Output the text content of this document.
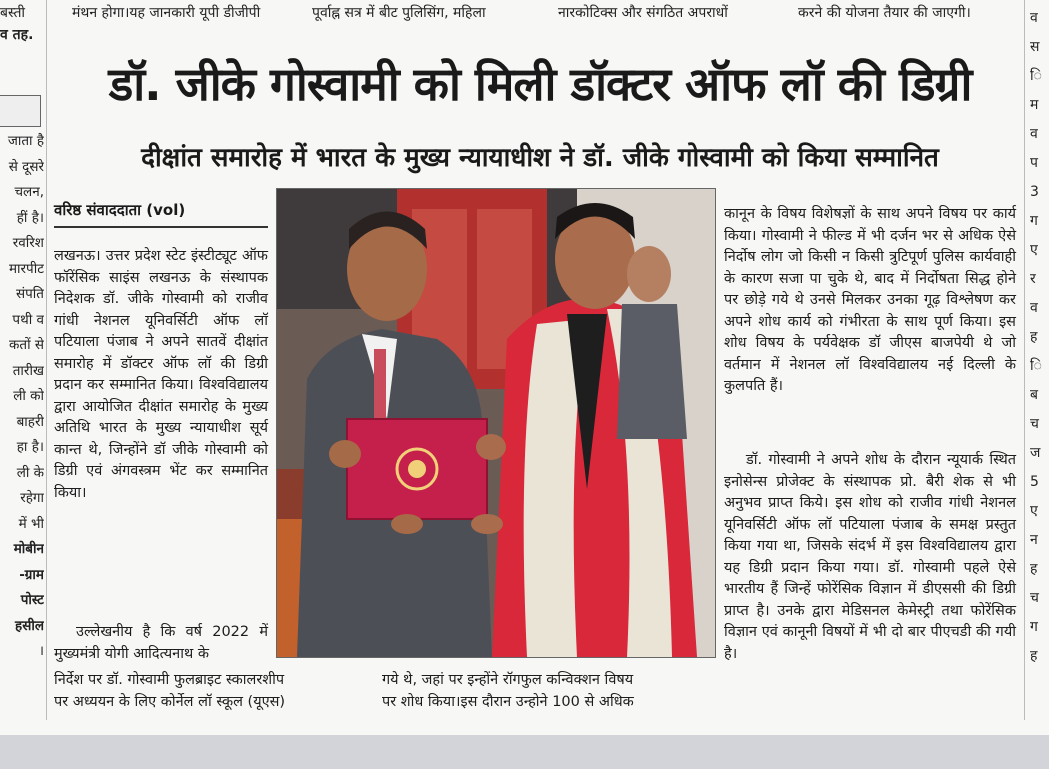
बस्ती
व तह.
मंथन होगा।यह जानकारी यूपी डीजीपी	पूर्वाह्न सत्र में बीट पुलिसिंग, महिला	नारकोटिक्स और संगठित अपराधों	करने की योजना तैयार की जाएगी।
जाता है
से दूसरे
चलन,
हीं है।
रवरिश
मारपीट
संपति
पथी व
कतों से
तारीख
ली को
बाहरी
हा है।
ली के
रहेगा
में भी
मोबीन
-ग्राम
पोस्ट
हसील
।
व
स
ि
म
व
प
3
ग
ए
र
व
ह
ि
ब
च
ज
5
ए
न
ह
च
ग
ह
डॉ. जीके गोस्वामी को मिली डॉक्टर ऑफ लॉ की डिग्री
दीक्षांत समारोह में भारत के मुख्य न्यायाधीश ने डॉ. जीके गोस्वामी को किया सम्मानित
वरिष्ठ संवाददाता (vol)
लखनऊ। उत्तर प्रदेश स्टेट इंस्टीट्यूट ऑफ फॉरेंसिक साइंस लखनऊ के संस्थापक निदेशक डॉ. जीके गोस्वामी को राजीव गांधी नेशनल यूनिवर्सिटी ऑफ लॉ पटियाला पंजाब ने अपने सातवें दीक्षांत समारोह में डॉक्टर ऑफ लॉ की डिग्री प्रदान कर सम्मानित किया। विश्वविद्यालय द्वारा आयोजित दीक्षांत समारोह के मुख्य अतिथि भारत के मुख्य न्यायाधीश सूर्य कान्त थे, जिन्होंने डॉ जीके गोस्वामी को डिग्री एवं अंगवस्त्रम भेंट कर सम्मानित किया।
उल्लेखनीय है कि वर्ष 2022 में मुख्यमंत्री योगी आदित्यनाथ के
निर्देश पर डॉ. गोस्वामी फुलब्राइट स्कालरशीप
पर अध्ययन के लिए कोर्नेल लॉ स्कूल (यूएस)
गये थे, जहां पर इन्होंने रॉगफुल कन्विक्शन विषय
पर शोध किया।इस दौरान उन्होने 100 से अधिक
कानून के विषय विशेषज्ञों के साथ अपने विषय पर कार्य किया। गोस्वामी ने फील्ड में भी दर्जन भर से अधिक ऐसे निर्दोष लोग जो किसी न किसी त्रुटिपूर्ण पुलिस कार्यवाही के कारण सजा पा चुके थे, बाद में निर्दोषता सिद्ध होने पर छोड़े गये थे उनसे मिलकर उनका गूढ़ विश्लेषण कर अपने शोध कार्य को गंभीरता के साथ पूर्ण किया। इस शोध विषय के पर्यवेक्षक डॉ जीएस बाजपेयी थे जो वर्तमान में नेशनल लॉ विश्वविद्यालय नई दिल्ली के कुलपति हैं।
डॉ. गोस्वामी ने अपने शोध के दौरान न्यूयार्क स्थित इनोसेन्स प्रोजेक्ट के संस्थापक प्रो. बैरी शेक से भी अनुभव प्राप्त किये। इस शोध को राजीव गांधी नेशनल यूनिवर्सिटी ऑफ लॉ पटियाला पंजाब के समक्ष प्रस्तुत किया गया था, जिसके संदर्भ में इस विश्वविद्यालय द्वारा यह डिग्री प्रदान किया गया। डॉ. गोस्वामी पहले ऐसे भारतीय हैं जिन्हें फोरेंसिक विज्ञान में डीएससी की डिग्री प्राप्त है। उनके द्वारा मेडिसनल केमेस्ट्री तथा फोरेंसिक विज्ञान एवं कानूनी विषयों में भी दो बार पीएचडी की गयी है।
